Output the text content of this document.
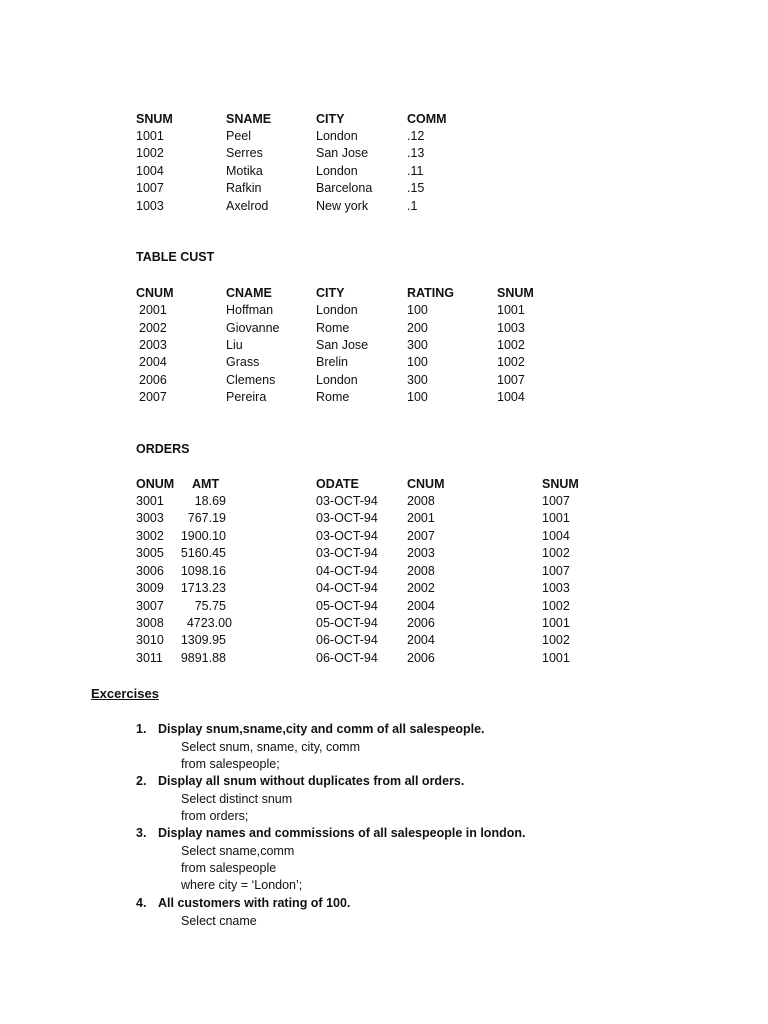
SNUM	SNAME	CITY	COMM
1001	Peel	London	.12
1002	Serres	San Jose	.13
1004	Motika	London	.11
1007	Rafkin	Barcelona	.15
1003	Axelrod	New york	.1
TABLE CUST
CNUM	CNAME	CITY	RATING	SNUM
2001	Hoffman	London	100	1001
2002	Giovanne	Rome	200	1003
2003	Liu	San Jose	300	1002
2004	Grass	Brelin	100	1002
2006	Clemens	London	300	1007
2007	Pereira	Rome	100	1004
ORDERS
ONUM AMT	ODATE	CNUM	SNUM
3001	18.69	03-OCT-94 2008	1007
3003	767.19	03-OCT-94 2001	1001
3002	1900.10	03-OCT-94 2007	1004
3005	5160.45	03-OCT-94 2003	1002
3006	1098.16	04-OCT-94 2008	1007
3009	1713.23	04-OCT-94 2002	1003
3007	75.75	05-OCT-94 2004	1002
3008	4723.00	05-OCT-94 2006	1001
3010	1309.95	06-OCT-94 2004	1002
3011	9891.88	06-OCT-94 2006	1001
Excercises
1. Display snum,sname,city and comm of all salespeople.
Select snum, sname, city, comm
from salespeople;
2. Display all snum without duplicates from all orders.
Select distinct snum
from orders;
3. Display names and commissions of all salespeople in london.
Select sname,comm
from salespeople
where city = ‘London’;
4. All customers with rating of 100.
Select cname
